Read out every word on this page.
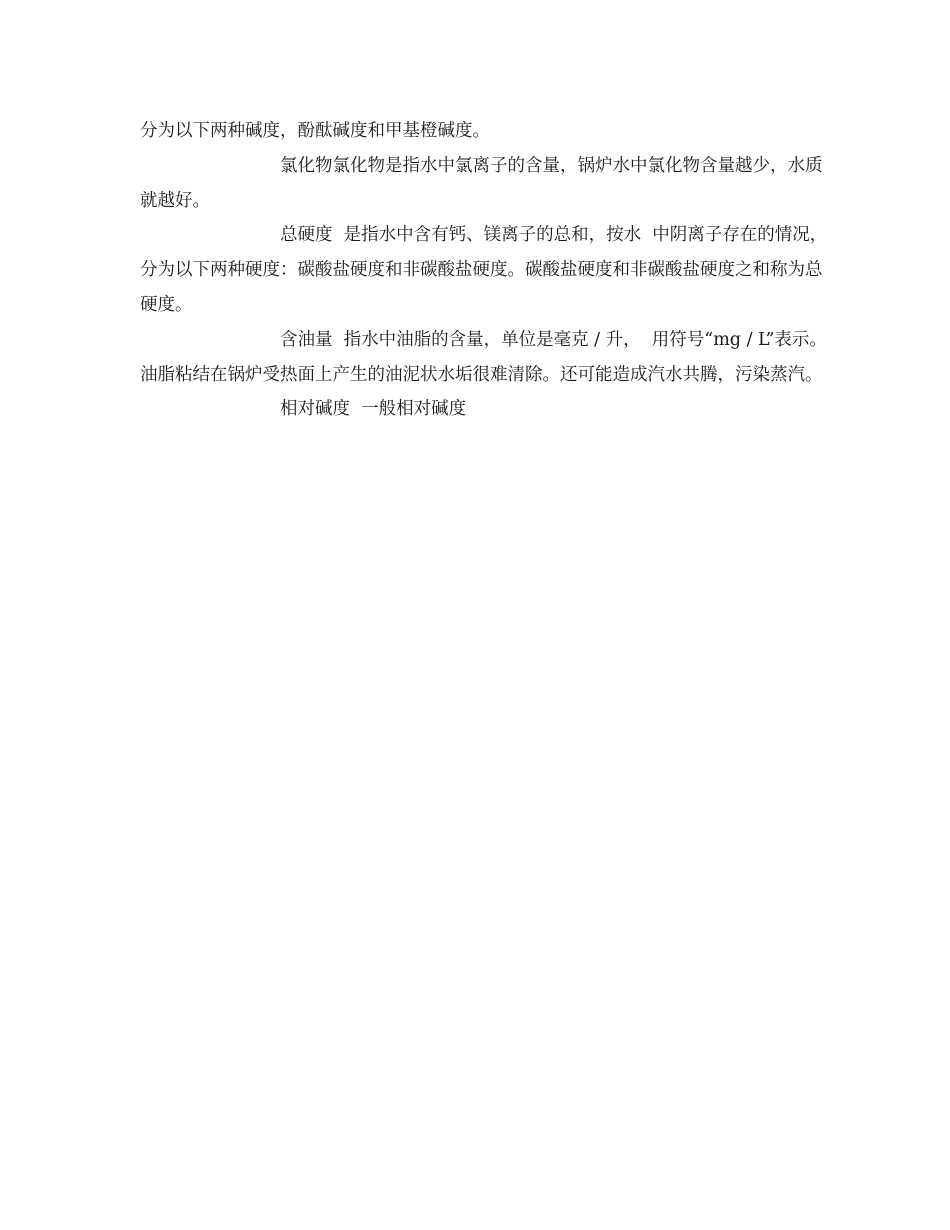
分为以下两种碱度，酚酞碱度和甲基橙碱度。

氯化物氯化物是指水中氯离子的含量，锅炉水中氯化物含量越少，水质就越好。

总硬度  是指水中含有钙、镁离子的总和，按水  中阴离子存在的情况，分为以下两种硬度：碳酸盐硬度和非碳酸盐硬度。碳酸盐硬度和非碳酸盐硬度之和称为总硬度。

含油量  指水中油脂的含量，单位是毫克 / 升，  用符号“mg / L”表示。油脂粘结在锅炉受热面上产生的油泥状水垢很难清除。还可能造成汽水共腾，污染蒸汽。

相对碱度  一般相对碱度
